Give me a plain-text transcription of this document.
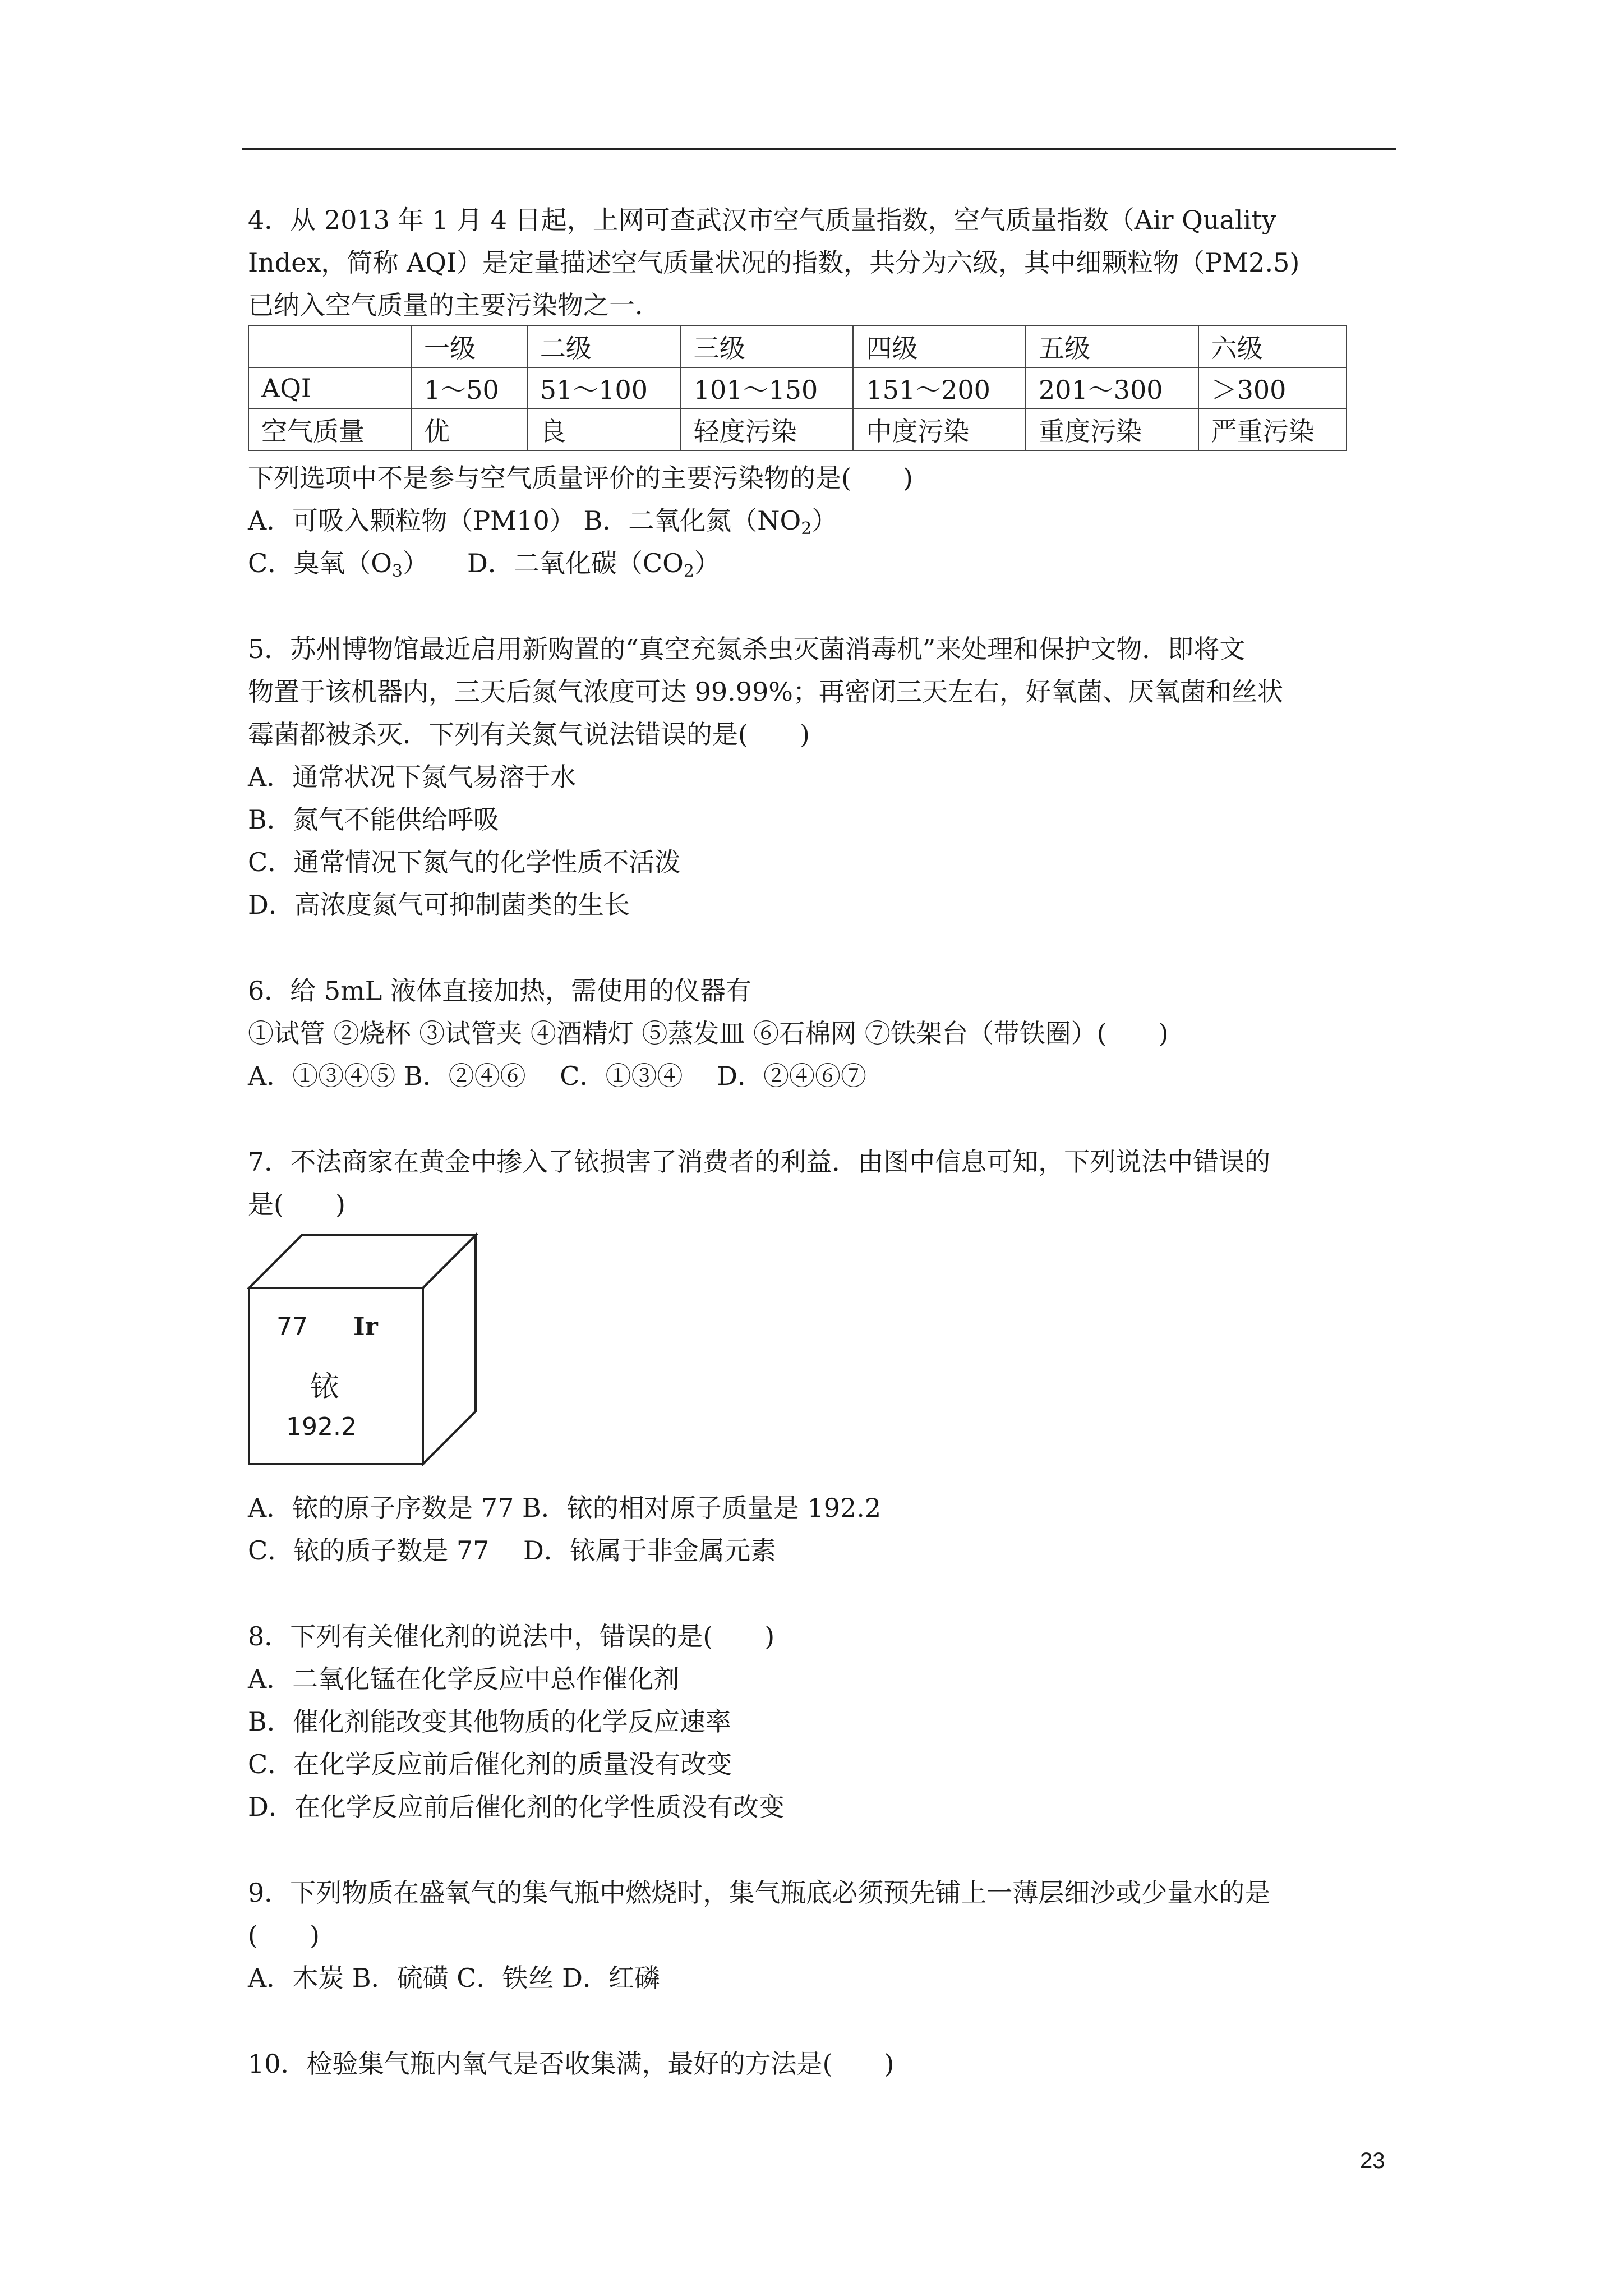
4．从 2013 年 1 月 4 日起，上网可查武汉市空气质量指数，空气质量指数（Air Quality
Index，简称 AQI）是定量描述空气质量状况的指数，共分为六级，其中细颗粒物（PM2.5)
已纳入空气质量的主要污染物之一．
	一级	二级	三级	四级	五级	六级
AQI	1～50	51～100	101～150	151～200	201～300	＞300
空气质量	优	良	轻度污染	中度污染	重度污染	严重污染
下列选项中不是参与空气质量评价的主要污染物的是(　　)
A．可吸入颗粒物（PM10） B．二氧化氮$(NO_2)$
C．臭氧$(O_3)$　　D．二氧化碳$(CO_2)$
5．苏州博物馆最近启用新购置的“真空充氮杀虫灭菌消毒机”来处理和保护文物．即将文
物置于该机器内，三天后氮气浓度可达 99.99%；再密闭三天左右，好氧菌、厌氧菌和丝状
霉菌都被杀灭．下列有关氮气说法错误的是(　　)
A．通常状况下氮气易溶于水
B．氮气不能供给呼吸
C．通常情况下氮气的化学性质不活泼
D．高浓度氮气可抑制菌类的生长
6．给 5mL 液体直接加热，需使用的仪器有
①试管 ②烧杯 ③试管夹 ④酒精灯 ⑤蒸发皿 ⑥石棉网 ⑦铁架台（带铁圈）(　　)
A．①③④⑤ B．②④⑥　 C．①③④　 D．②④⑥⑦
7．不法商家在黄金中掺入了铱损害了消费者的利益．由图中信息可知，下列说法中错误的
是(　　)
77 Ir
铱
192.2
A．铱的原子序数是 77 B．铱的相对原子质量是 192.2
C．铱的质子数是 77　 D．铱属于非金属元素
8．下列有关催化剂的说法中，错误的是(　　)
A．二氧化锰在化学反应中总作催化剂
B．催化剂能改变其他物质的化学反应速率
C．在化学反应前后催化剂的质量没有改变
D．在化学反应前后催化剂的化学性质没有改变
9．下列物质在盛氧气的集气瓶中燃烧时，集气瓶底必须预先铺上一薄层细沙或少量水的是
(　　)
A．木炭 B．硫磺 C．铁丝 D．红磷
10．检验集气瓶内氧气是否收集满，最好的方法是(　　)
23
